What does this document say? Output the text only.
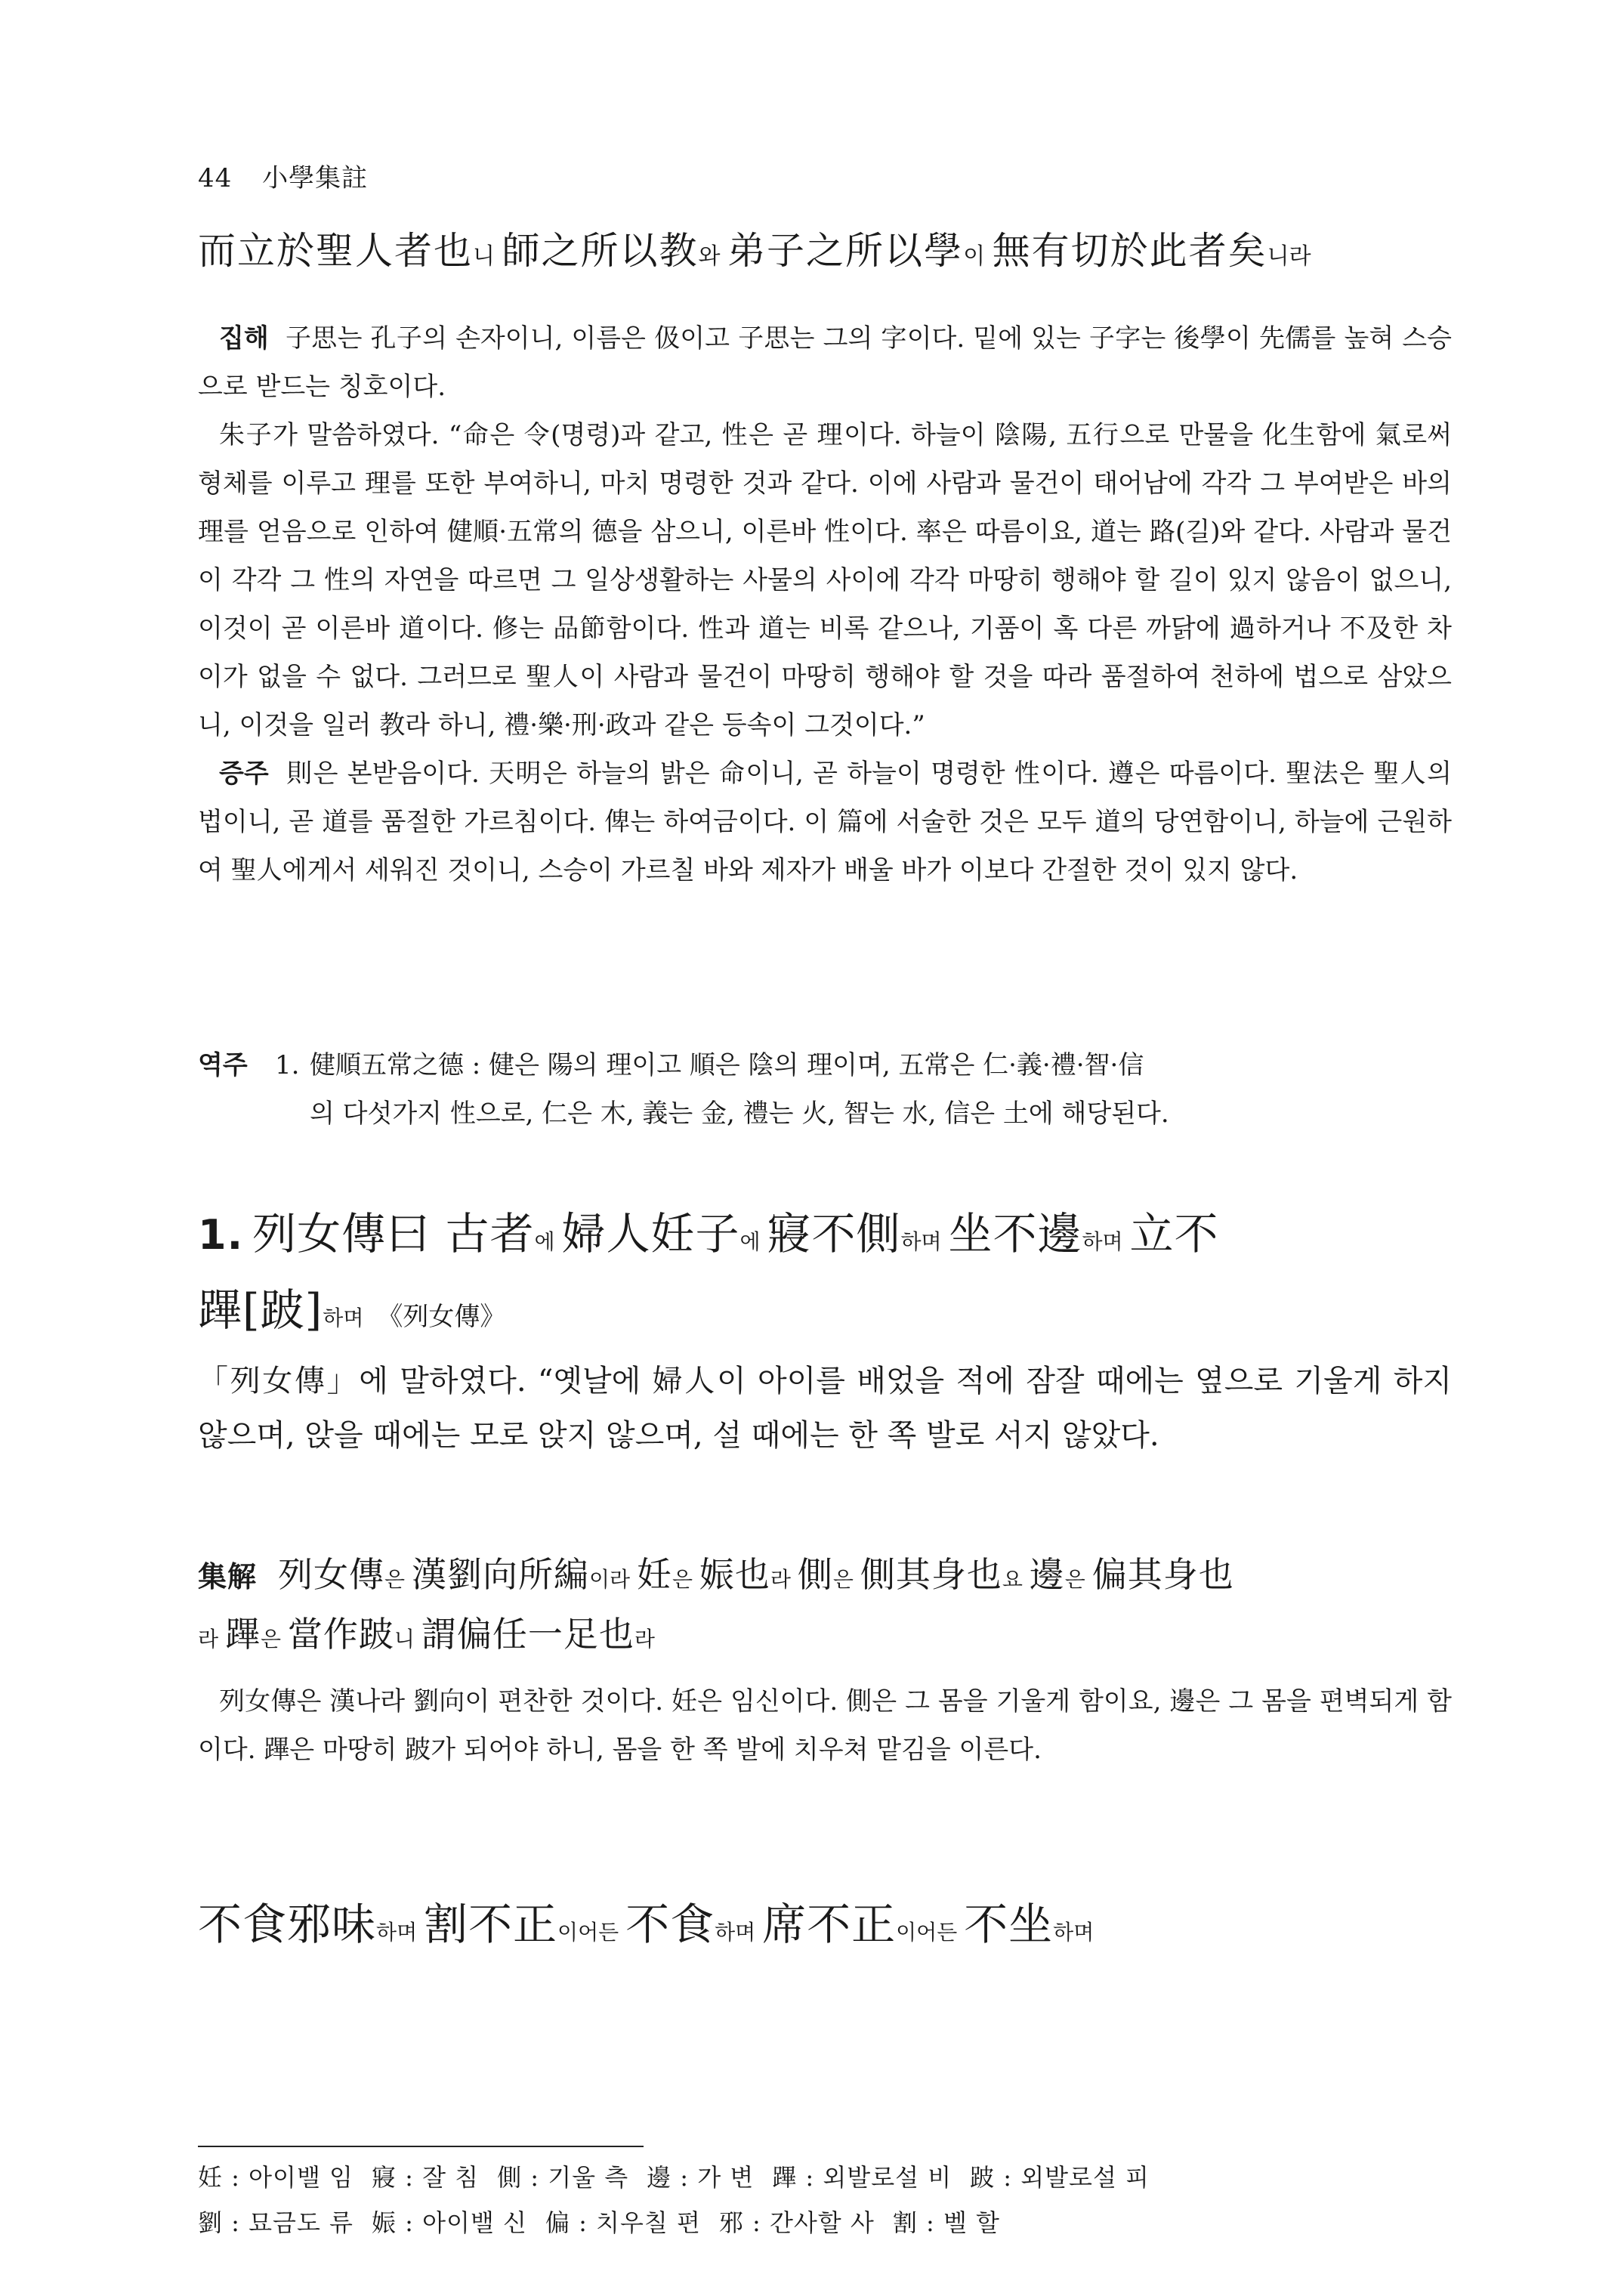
44 小學集註
而立於聖人者也니 師之所以教와 弟子之所以學이 無有切於此者矣니라

집해 子思는 孔子의 손자이니, 이름은 伋이고 子思는 그의 字이다. 밑에 있는 子字는 後學이 先儒를 높혀 스승으로 받드는 칭호이다.

朱子가 말씀하였다. “命은 令(명령)과 같고, 性은 곧 理이다. 하늘이 陰陽, 五行으로 만물을 化生함에 氣로써 형체를 이루고 理를 또한 부여하니, 마치 명령한 것과 같다. 이에 사람과 물건이 태어남에 각각 그 부여받은 바의 理를 얻음으로 인하여 健順·五常의 德을 삼으니, 이른바 性이다. 率은 따름이요, 道는 路(길)와 같다. 사람과 물건이 각각 그 性의 자연을 따르면 그 일상생활하는 사물의 사이에 각각 마땅히 행해야 할 길이 있지 않음이 없으니, 이것이 곧 이른바 道이다. 修는 品節함이다. 性과 道는 비록 같으나, 기품이 혹 다른 까닭에 過하거나 不及한 차이가 없을 수 없다. 그러므로 聖人이 사람과 물건이 마땅히 행해야 할 것을 따라 품절하여 천하에 법으로 삼았으니, 이것을 일러 教라 하니, 禮·樂·刑·政과 같은 등속이 그것이다.”

증주 則은 본받음이다. 天明은 하늘의 밝은 命이니, 곧 하늘이 명령한 性이다. 遵은 따름이다. 聖法은 聖人의 법이니, 곧 道를 품절한 가르침이다. 俾는 하여금이다. 이 篇에 서술한 것은 모두 道의 당연함이니, 하늘에 근원하여 聖人에게서 세워진 것이니, 스승이 가르칠 바와 제자가 배울 바가 이보다 간절한 것이 있지 않다.

역주	1. 健順五常之德 : 健은 陽의 理이고 順은 陰의 理이며, 五常은 仁·義·禮·智·信
의 다섯가지 性으로, 仁은 木, 義는 金, 禮는 火, 智는 水, 信은 土에 해당된다.
1. 列女傳曰 古者에 婦人妊子에 寢不側하며 坐不邊하며 立不
蹕[跛]하며 《列女傳》

「列女傳」에 말하였다. “옛날에 婦人이 아이를 배었을 적에 잠잘 때에는 옆으로 기울게 하지 않으며, 앉을 때에는 모로 앉지 않으며, 설 때에는 한 쪽 발로 서지 않았다.

集解 列女傳은 漢劉向所編이라 妊은 娠也라 側은 側其身也요 邊은 偏其身也
라 蹕은 當作跛니 謂偏任一足也라

列女傳은 漢나라 劉向이 편찬한 것이다. 妊은 임신이다. 側은 그 몸을 기울게 함이요, 邊은 그 몸을 편벽되게 함이다. 蹕은 마땅히 跛가 되어야 하니, 몸을 한 쪽 발에 치우쳐 맡김을 이른다.

不食邪味하며 割不正이어든 不食하며 席不正이어든 不坐하며
妊 : 아이밸 임 寢 : 잘 침 側 : 기울 측 邊 : 가 변 蹕 : 외발로설 비 跛 : 외발로설 피
劉 : 묘금도 류 娠 : 아이밸 신 偏 : 치우칠 편 邪 : 간사할 사 割 : 벨 할
